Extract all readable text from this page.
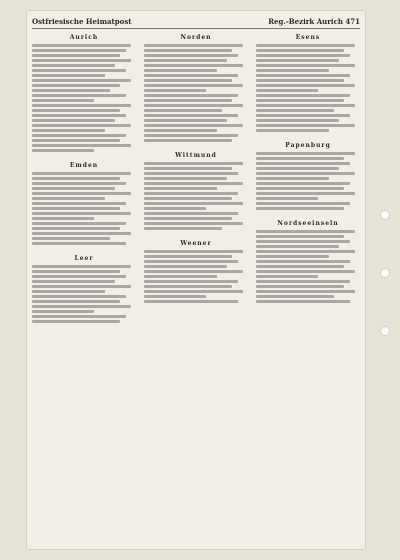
Ostfriesische Heimatpost	Reg.-Bezirk Aurich 471
Aurich
Emden
Leer
Norden
Wittmund
Weener
Esens
Papenburg
Nordseeinseln
